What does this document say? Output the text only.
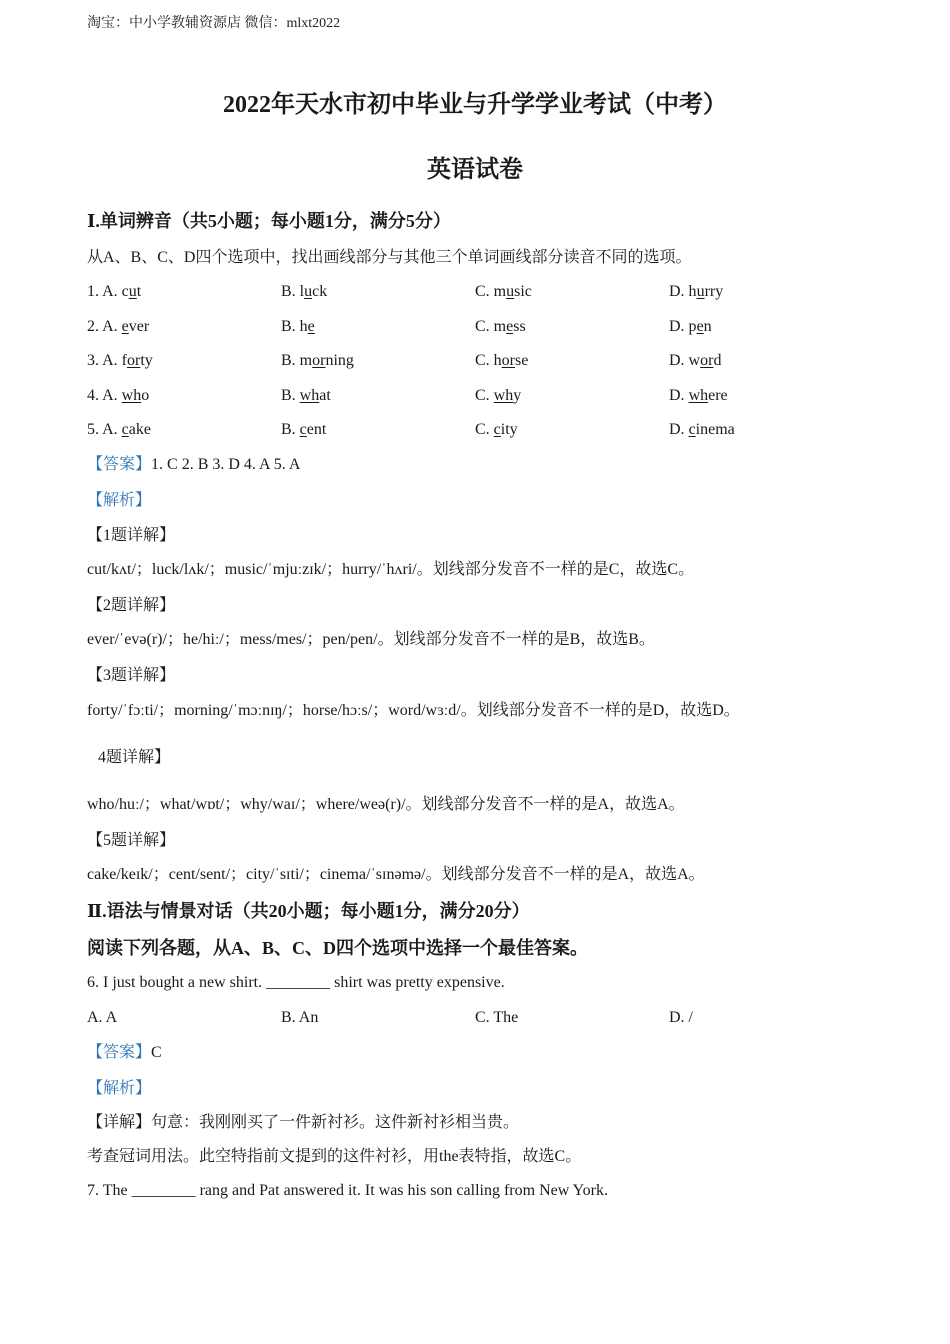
淘宝：中小学教辅资源店 微信：mlxt2022
2022年天水市初中毕业与升学学业考试（中考）
英语试卷
Ⅰ.单词辨音（共5小题；每小题1分，满分5分）
从A、B、C、D四个选项中，找出画线部分与其他三个单词画线部分读音不同的选项。
1. A. cut	B. luck	C. music	D. hurry
2. A. ever	B. he	C. mess	D. pen
3. A. forty	B. morning	C. horse	D. word
4. A. who	B. what	C. why	D. where
5. A. cake	B. cent	C. city	D. cinema
【答案】1. C 2. B 3. D 4. A 5. A
【解析】
【1题详解】
cut/kʌt/；luck/lʌk/；music/ˈmjuːzɪk/；hurry/ˈhʌri/。划线部分发音不一样的是C，故选C。
【2题详解】
ever/ˈevə(r)/；he/hiː/；mess/mes/；pen/pen/。划线部分发音不一样的是B，故选B。
【3题详解】
forty/ˈfɔːti/；morning/ˈmɔːnɪŋ/；horse/hɔːs/；word/wɜːd/。划线部分发音不一样的是D，故选D。
4题详解】
who/huː/；what/wɒt/；why/waɪ/；where/weə(r)/。划线部分发音不一样的是A，故选A。
【5题详解】
cake/keɪk/；cent/sent/；city/ˈsɪti/；cinema/ˈsɪnəmə/。划线部分发音不一样的是A，故选A。
Ⅱ.语法与情景对话（共20小题；每小题1分，满分20分）
阅读下列各题，从A、B、C、D四个选项中选择一个最佳答案。
6. I just bought a new shirt. ________ shirt was pretty expensive.
A. A	B. An	C. The	D. /
【答案】C
【解析】
【详解】句意：我刚刚买了一件新衬衫。这件新衬衫相当贵。
考查冠词用法。此空特指前文提到的这件衬衫，用the表特指，故选C。
7. The ________ rang and Pat answered it. It was his son calling from New York.
